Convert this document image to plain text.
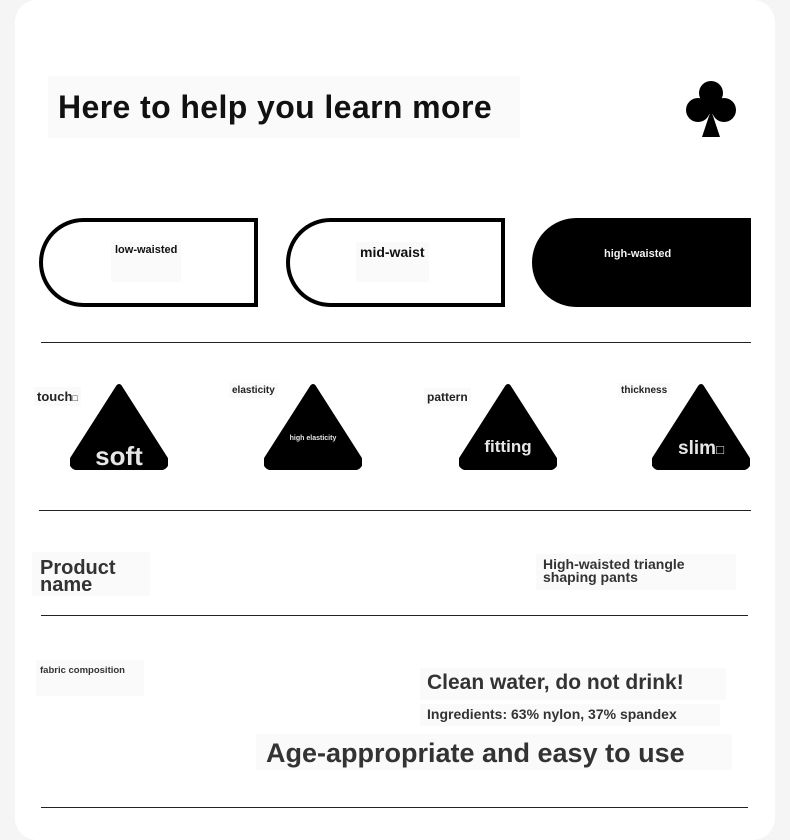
Here to help you learn more
low-waisted	mid-waist	high-waisted
touch□
soft
elasticity
high elasticity
pattern
fitting
thickness
slim□
Product name
High-waisted triangle shaping pants
fabric composition
Clean water, do not drink!
Ingredients: 63% nylon, 37% spandex
Age-appropriate and easy to use
